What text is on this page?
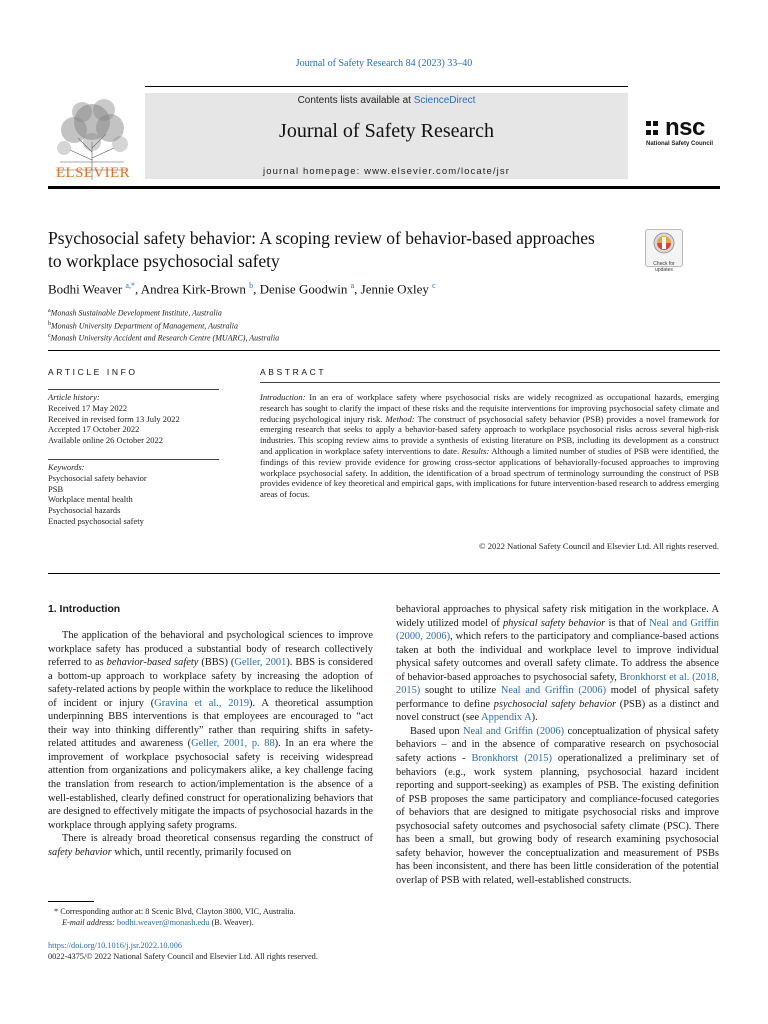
Journal of Safety Research 84 (2023) 33–40
ELSEVIER
Contents lists available at ScienceDirect
Journal of Safety Research
journal homepage: www.elsevier.com/locate/jsr
nsc
National Safety Council
Psychosocial safety behavior: A scoping review of behavior-based approaches to workplace psychosocial safety	Check for updates
Bodhi Weaver $^{a,*}$, Andrea Kirk-Brown $^b$, Denise Goodwin $^a$, Jennie Oxley $^c$
$^a$Monash Sustainable Development Institute, Australia
$^b$Monash University Department of Management, Australia
$^c$Monash University Accident and Research Centre (MUARC), Australia
ARTICLE INFO
Article history:
Received 17 May 2022
Received in revised form 13 July 2022
Accepted 17 October 2022
Available online 26 October 2022
Keywords:
Psychosocial safety behavior
PSB
Workplace mental health
Psychosocial hazards
Enacted psychosocial safety
ABSTRACT
Introduction: In an era of workplace safety where psychosocial risks are widely recognized as occupational hazards, emerging research has sought to clarify the impact of these risks and the requisite interventions for improving psychosocial safety climate and reducing psychological injury risk. Method: The construct of psychosocial safety behavior (PSB) provides a novel framework for emerging research that seeks to apply a behavior-based safety approach to workplace psychosocial risks across several high-risk industries. This scoping review aims to provide a synthesis of existing literature on PSB, including its development as a construct and application in workplace safety interventions to date. Results: Although a limited number of studies of PSB were identified, the findings of this review provide evidence for growing cross-sector applications of behaviorally-focused approaches to improving workplace psychosocial safety. In addition, the identification of a broad spectrum of terminology surrounding the construct of PSB provides evidence of key theoretical and empirical gaps, with implications for future intervention-based research to address emerging areas of focus.
© 2022 National Safety Council and Elsevier Ltd. All rights reserved.
1. Introduction

The application of the behavioral and psychological sciences to improve workplace safety has produced a substantial body of research collectively referred to as behavior-based safety (BBS) (Geller, 2001). BBS is considered a bottom-up approach to workplace safety by increasing the adoption of safety-related actions by people within the workplace to reduce the likelihood of incident or injury (Gravina et al., 2019). A theoretical assumption underpinning BBS interventions is that employees are encouraged to “act their way into thinking differently” rather than requiring shifts in safety-related attitudes and awareness (Geller, 2001, p. 88). In an era where the improvement of workplace psychosocial safety is receiving widespread attention from organizations and policymakers alike, a key challenge facing the translation from research to action/implementation is the absence of a well-established, clearly defined construct for operationalizing behaviors that are designed to effectively mitigate the impacts of psychosocial hazards in the workplace through applying safety programs.

There is already broad theoretical consensus regarding the construct of safety behavior which, until recently, primarily focused on

behavioral approaches to physical safety risk mitigation in the workplace. A widely utilized model of physical safety behavior is that of Neal and Griffin (2000, 2006), which refers to the participatory and compliance-based actions taken at both the individual and workplace level to improve individual physical safety outcomes and overall safety climate. To address the absence of behavior-based approaches to psychosocial safety, Bronkhorst et al. (2018, 2015) sought to utilize Neal and Griffin (2006) model of physical safety performance to define psychosocial safety behavior (PSB) as a distinct and novel construct (see Appendix A).

Based upon Neal and Griffin (2006) conceptualization of physical safety behaviors – and in the absence of comparative research on psychosocial safety actions - Bronkhorst (2015) operationalized a preliminary set of behaviors (e.g., work system planning, psychosocial hazard incident reporting and support-seeking) as examples of PSB. The existing definition of PSB proposes the same participatory and compliance-focused categories of behaviors that are designed to mitigate psychosocial risks and improve psychosocial safety outcomes and psychosocial safety climate (PSC). There has been a small, but growing body of research examining psychosocial safety behavior, however the conceptualization and measurement of PSBs has been inconsistent, and there has been little consideration of the potential overlap of PSB with related, well-established constructs.

* Corresponding author at: 8 Scenic Blvd, Clayton 3800, VIC, Australia.
E-mail address: bodhi.weaver@monash.edu (B. Weaver).
https://doi.org/10.1016/j.jsr.2022.10.006
0022-4375/© 2022 National Safety Council and Elsevier Ltd. All rights reserved.
